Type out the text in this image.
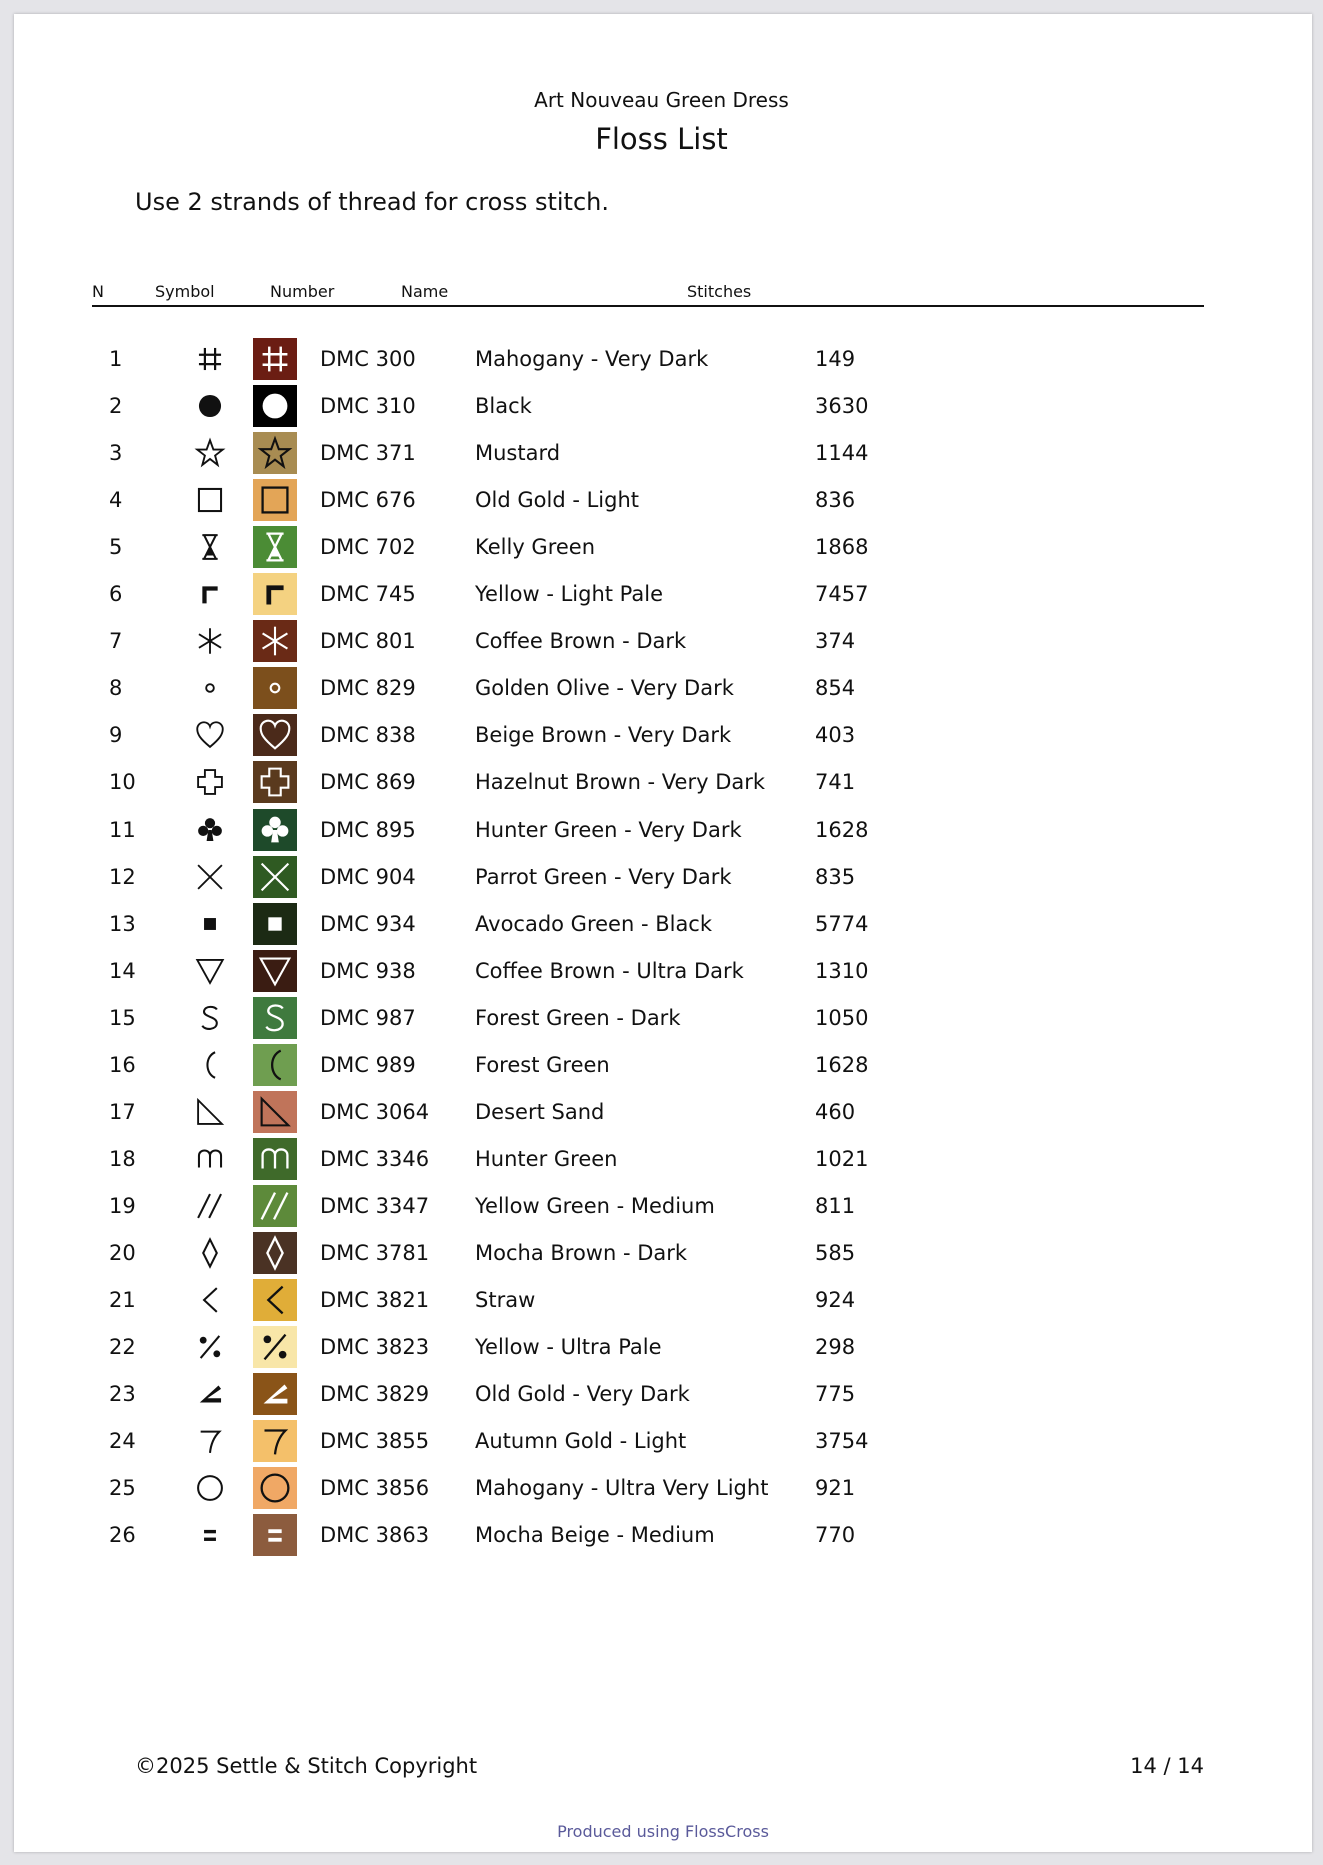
Art Nouveau Green Dress
Floss List
Use 2 strands of thread for cross stitch.
N	Symbol	Number	Name	Stitches
1	DMC 300	Mahogany - Very Dark	149
2	DMC 310	Black	3630
3	DMC 371	Mustard	1144
4	DMC 676	Old Gold - Light	836
5	DMC 702	Kelly Green	1868
6	DMC 745	Yellow - Light Pale	7457
7	DMC 801	Coffee Brown - Dark	374
8	DMC 829	Golden Olive - Very Dark	854
9	DMC 838	Beige Brown - Very Dark	403
10	DMC 869	Hazelnut Brown - Very Dark 741
11	DMC 895	Hunter Green - Very Dark	1628
12	DMC 904	Parrot Green - Very Dark	835
13	DMC 934	Avocado Green - Black	5774
14	DMC 938	Coffee Brown - Ultra Dark	1310
15	DMC 987	Forest Green - Dark	1050
16	DMC 989	Forest Green	1628
17	DMC 3064 Desert Sand	460
18	DMC 3346 Hunter Green	1021
19	DMC 3347 Yellow Green - Medium	811
20	DMC 3781 Mocha Brown - Dark	585
21	DMC 3821 Straw	924
22	DMC 3823 Yellow - Ultra Pale	298
23	DMC 3829 Old Gold - Very Dark	775
24	DMC 3855 Autumn Gold - Light	3754
25	DMC 3856 Mahogany - Ultra Very Light 921
26	DMC 3863 Mocha Beige - Medium	770
©2025 Settle & Stitch Copyright	14 / 14
Produced using FlossCross
